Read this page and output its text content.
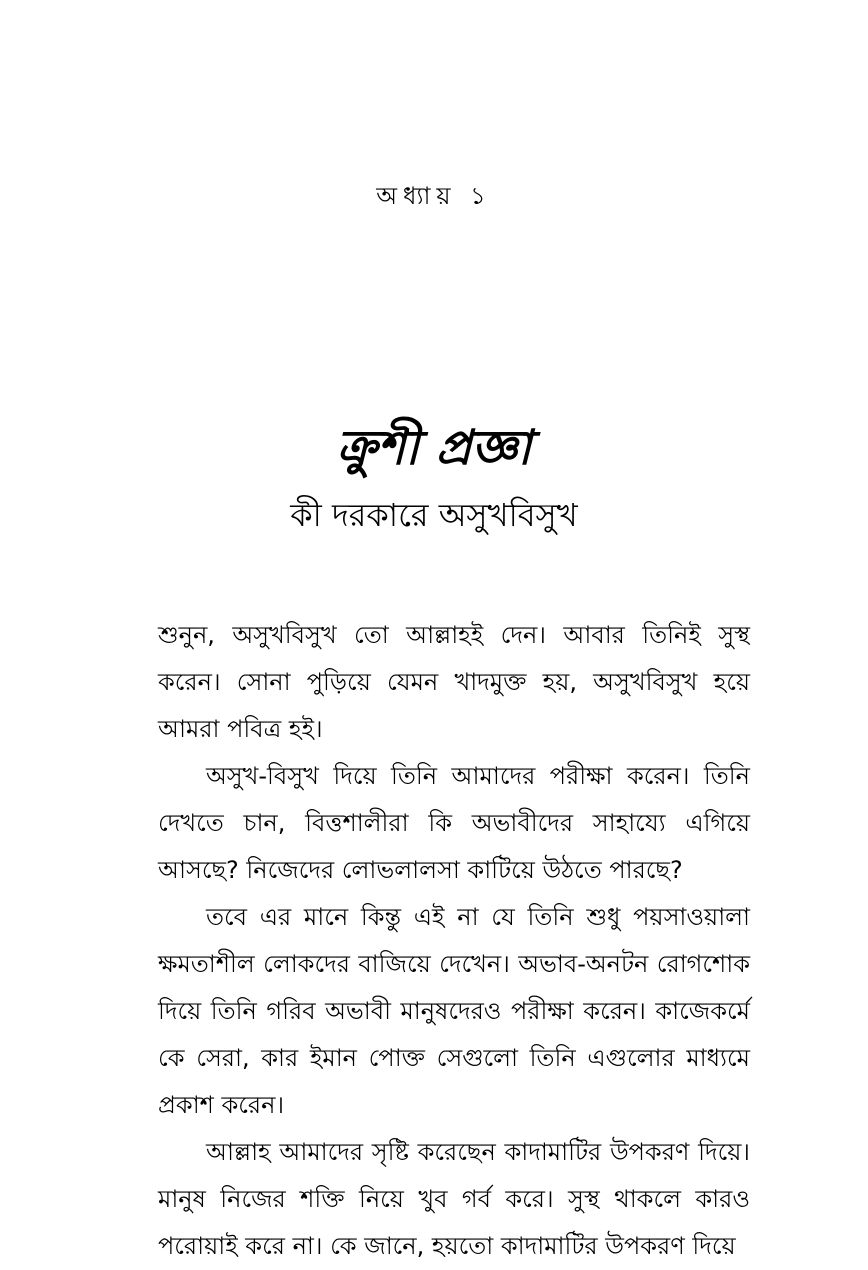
অধ্যায় ১
ক্রুশী প্রজ্ঞা
কী দরকারে অসুখবিসুখ

শুনুন, অসুখবিসুখ তো আল্লাহই দেন। আবার তিনিই সুস্থ করেন। সোনা পুড়িয়ে যেমন খাদমুক্ত হয়, অসুখবিসুখ হয়ে আমরা পবিত্র হই।

অসুখ-বিসুখ দিয়ে তিনি আমাদের পরীক্ষা করেন। তিনি দেখতে চান, বিত্তশালীরা কি অভাবীদের সাহায্যে এগিয়ে আসছে? নিজেদের লোভলালসা কাটিয়ে উঠতে পারছে?

তবে এর মানে কিন্তু এই না যে তিনি শুধু পয়সাওয়ালা ক্ষমতাশীল লোকদের বাজিয়ে দেখেন। অভাব-অনটন রোগশোক দিয়ে তিনি গরিব অভাবী মানুষদেরও পরীক্ষা করেন। কাজেকর্মে কে সেরা, কার ইমান পোক্ত সেগুলো তিনি এগুলোর মাধ্যমে প্রকাশ করেন।

আল্লাহ আমাদের সৃষ্টি করেছেন কাদামাটির উপকরণ দিয়ে। মানুষ নিজের শক্তি নিয়ে খুব গর্ব করে। সুস্থ থাকলে কারও পরোয়াই করে না। কে জানে, হয়তো কাদামাটির উপকরণ দিয়ে
